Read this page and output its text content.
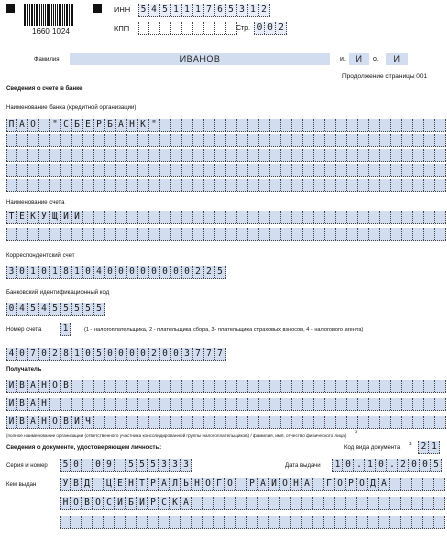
1660 1024
ИНН 5 4 5 1 1 1 7 6 5 3 1 2
КПП	Стр. 0 0 2
Фамилия	ИВАНОВ	и.	И	о.	И
Продолжение страницы 001
Сведения о счете в банке
Наименование банка (кредитной организации)
П А О	" С Б Е Р Б А Н К "
Наименование счета
Т Е К У Щ И Й
Корреспондентский счет
3 0 1 0 1 8 1 0 4 0 0 0 0 0 0 0 0 2 2 5
Банковский идентификационный код
0 4 5 4 5 5 5 5 5
Номер счета 1	(1 - налогоплательщика, 2 - плательщика сбора, 3- плательщика страховых взносов, 4 - налогового агента)
4 0 7 0 2 8 1 0 5 0 0 0 0 2 0 0 3 7 7 7
Получатель
И В А Н О В
И В А Н
И В А Н О В И Ч
(полное наименование организации (ответственного участника консолидированной группы налогоплательщиков) / фамилия, имя, отчество физического лица)
3
Сведения о документе, удостоверяющем личность:	Код вида документа
3 2 1
Серия и номер 5 0	0 9	5 5 5 3 3 3	Дата выдачи 1 0 . 1 0 . 2 0 0 5
Кем выдан	У В Д	Ц Е Н Т Р А Л Ь Н О Г О	Р А Й О Н А	Г О Р О Д А
Н О В О С И Б И Р С К А
